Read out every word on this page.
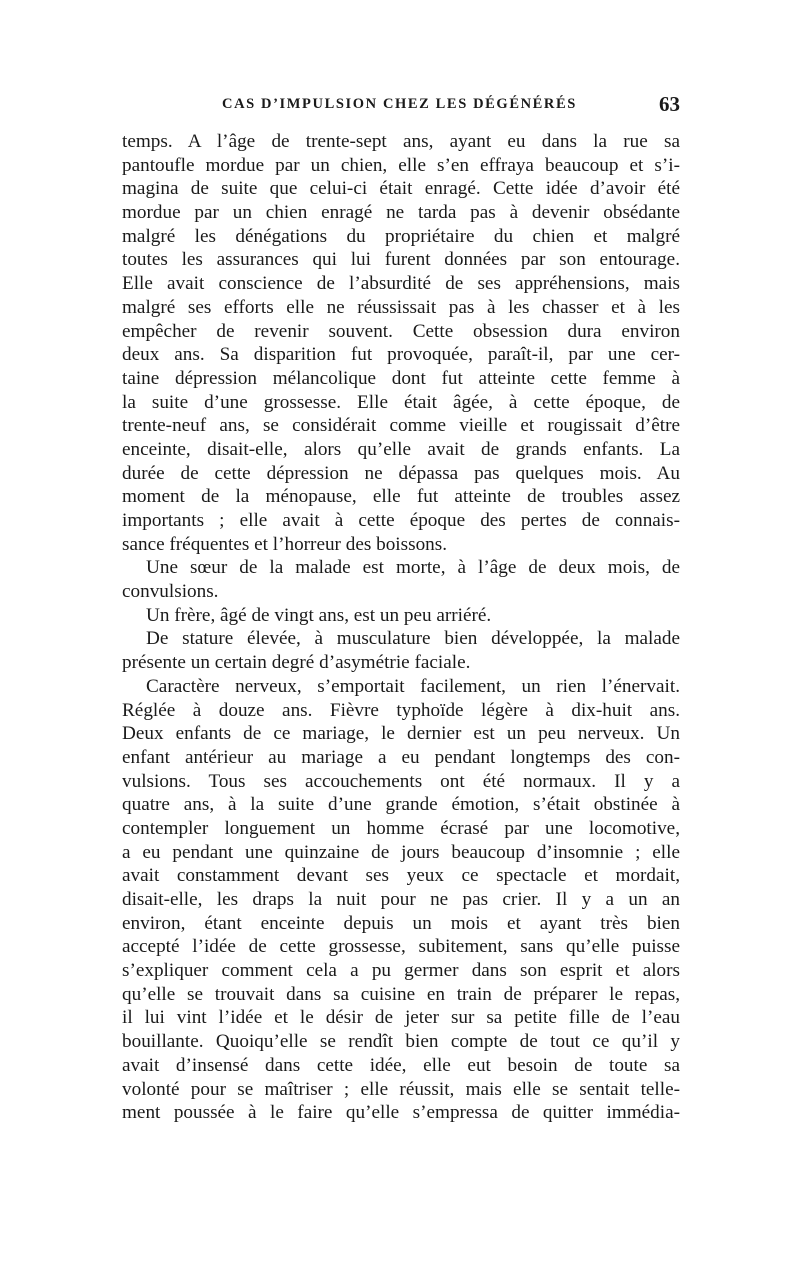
CAS D’IMPULSION CHEZ LES DÉGÉNÉRÉS	63
temps. A l’âge de trente-sept ans, ayant eu dans la rue sa
pantoufle mordue par un chien, elle s’en effraya beaucoup et s’i-
magina de suite que celui-ci était enragé. Cette idée d’avoir été
mordue par un chien enragé ne tarda pas à devenir obsédante
malgré les dénégations du propriétaire du chien et malgré
toutes les assurances qui lui furent données par son entourage.
Elle avait conscience de l’absurdité de ses appréhensions, mais
malgré ses efforts elle ne réussissait pas à les chasser et à les
empêcher de revenir souvent. Cette obsession dura environ
deux ans. Sa disparition fut provoquée, paraît-il, par une cer-
taine dépression mélancolique dont fut atteinte cette femme à
la suite d’une grossesse. Elle était âgée, à cette époque, de
trente-neuf ans, se considérait comme vieille et rougissait d’être
enceinte, disait-elle, alors qu’elle avait de grands enfants. La
durée de cette dépression ne dépassa pas quelques mois. Au
moment de la ménopause, elle fut atteinte de troubles assez
importants ; elle avait à cette époque des pertes de connais-
sance fréquentes et l’horreur des boissons.
Une sœur de la malade est morte, à l’âge de deux mois, de
convulsions.
Un frère, âgé de vingt ans, est un peu arriéré.
De stature élevée, à musculature bien développée, la malade
présente un certain degré d’asymétrie faciale.
Caractère nerveux, s’emportait facilement, un rien l’énervait.
Réglée à douze ans. Fièvre typhoïde légère à dix-huit ans.
Deux enfants de ce mariage, le dernier est un peu nerveux. Un
enfant antérieur au mariage a eu pendant longtemps des con-
vulsions. Tous ses accouchements ont été normaux. Il y a
quatre ans, à la suite d’une grande émotion, s’était obstinée à
contempler longuement un homme écrasé par une locomotive,
a eu pendant une quinzaine de jours beaucoup d’insomnie ; elle
avait constamment devant ses yeux ce spectacle et mordait,
disait-elle, les draps la nuit pour ne pas crier. Il y a un an
environ, étant enceinte depuis un mois et ayant très bien
accepté l’idée de cette grossesse, subitement, sans qu’elle puisse
s’expliquer comment cela a pu germer dans son esprit et alors
qu’elle se trouvait dans sa cuisine en train de préparer le repas,
il lui vint l’idée et le désir de jeter sur sa petite fille de l’eau
bouillante. Quoiqu’elle se rendît bien compte de tout ce qu’il y
avait d’insensé dans cette idée, elle eut besoin de toute sa
volonté pour se maîtriser ; elle réussit, mais elle se sentait telle-
ment poussée à le faire qu’elle s’empressa de quitter immédia-
